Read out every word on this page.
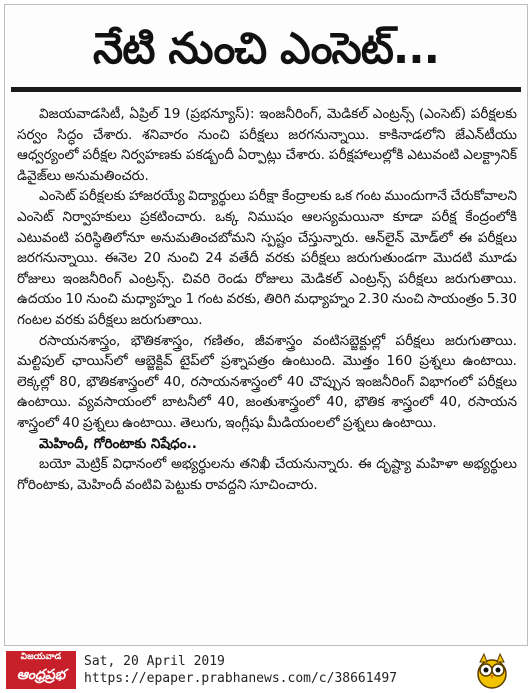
నేటి నుంచి ఎంసెట్...

విజయవాడసిటీ, ఏప్రిల్ 19 (ప్రభన్యూస్): ఇంజనీరింగ్, మెడికల్ ఎంట్రన్స్ (ఎంసెట్) పరీక్షలకు సర్వం సిద్ధం చేశారు. శనివారం నుంచి పరీక్షలు జరగనున్నాయి. కాకినాడలోని జేఎన్‌టీయు ఆధ్వర్యంలో పరీక్షల నిర్వహణకు పకడ్బందీ ఏర్పాట్లు చేశారు. పరీక్షహాలుల్లోకి ఎటువంటి ఎలక్ట్రానిక్ డివైజ్‌లు అనుమతించరు.

ఎంసెట్ పరీక్షలకు హాజరయ్యే విద్యార్థులు పరీక్షా కేంద్రాలకు ఒక గంట ముందుగానే చేరుకోవాలని ఎంసెట్ నిర్వాహకులు ప్రకటించారు. ఒక్క నిముషం ఆలస్యమయినా కూడా పరీక్ష కేంద్రంలోకి ఎటువంటి పరిస్థితిలోనూ అనుమతించబోమని స్పష్టం చేస్తున్నారు. ఆన్‌లైన్ మోడ్‌లో ఈ పరీక్షలు జరగనున్నాయి. ఈనెల 20 నుంచి 24 వతేదీ వరకు పరీక్షలు జరుగుతుండగా మొదటి మూడు రోజులు ఇంజనీరింగ్ ఎంట్రన్స్. చివరి రెండు రోజులు మెడికల్ ఎంట్రన్స్ పరీక్షలు జరుగుతాయి. ఉదయం 10 నుంచి మధ్యాహ్నం 1 గంట వరకు, తిరిగి మధ్యాహ్నం 2.30 నుంచి సాయంత్రం 5.30 గంటల వరకు పరీక్షలు జరుగుతాయి.

రసాయనశాస్త్రం, భౌతికశాస్త్రం, గణితం, జీవశాస్త్రం వంటిసబ్జెక్టుల్లో పరీక్షలు జరుగుతాయి. మల్టిపుల్ ఛాయిస్‌లో ఆబ్జెక్టివ్ టైప్‌లో ప్రశ్నాపత్రం ఉంటుంది. మొత్తం 160 ప్రశ్నలు ఉంటాయి. లెక్కల్లో 80, భౌతికశాస్త్రంలో 40, రసాయనశాస్త్రంలో 40 చొప్పున ఇంజనీరింగ్ విభాగంలో పరీక్షలు ఉంటాయి. వ్యవసాయంలో బాటనీలో 40, జంతుశాస్త్రంలో 40, భౌతిక శాస్త్రంలో 40, రసాయన శాస్త్రంలో 40 ప్రశ్నలు ఉంటాయి. తెలుగు, ఇంగ్లీషు మీడియంలలో ప్రశ్నలు ఉంటాయి.

మెహిందీ, గోరింటాకు నిషేధం..

బయో మెట్రిక్ విధానంలో అభ్యర్థులను తనిఖీ చేయనున్నారు. ఈ దృష్ట్యా మహిళా అభ్యర్థులు గోరింటాకు, మెహిందీ వంటివి పెట్టుకు రావద్దని సూచించారు.

విజయవాడ
ఆంధ్రప్రభ
Sat, 20 April 2019
https://epaper.prabhanews.com/c/38661497
